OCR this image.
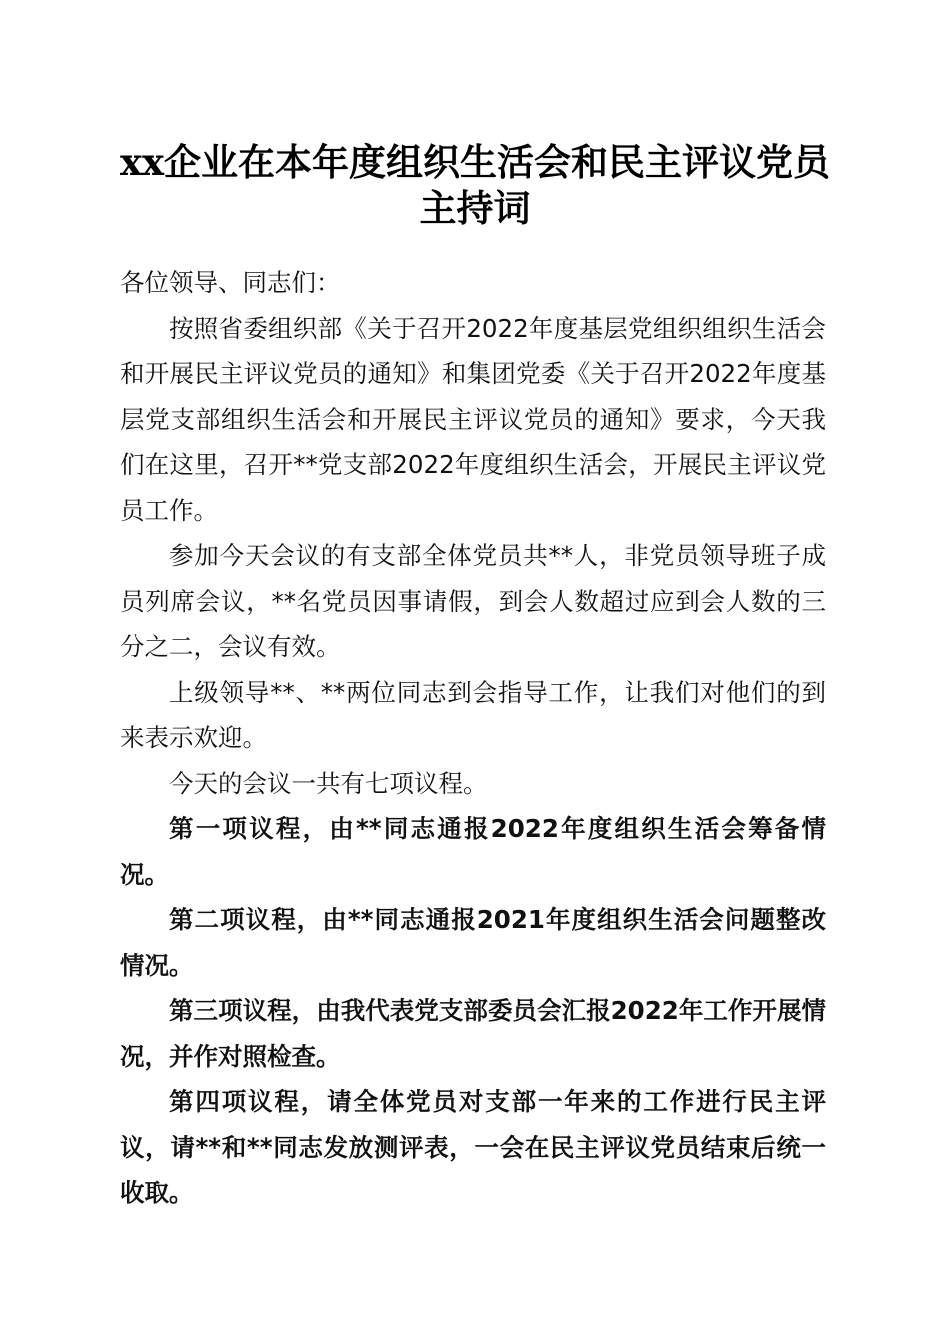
xx企业在本年度组织生活会和民主评议党员
主持词

各位领导、同志们：

按照省委组织部《关于召开2022年度基层党组织组织生活会和开展民主评议党员的通知》和集团党委《关于召开2022年度基层党支部组织生活会和开展民主评议党员的通知》要求，今天我们在这里，召开**党支部2022年度组织生活会，开展民主评议党员工作。

参加今天会议的有支部全体党员共**人，非党员领导班子成员列席会议，**名党员因事请假，到会人数超过应到会人数的三分之二，会议有效。

上级领导**、**两位同志到会指导工作，让我们对他们的到来表示欢迎。

今天的会议一共有七项议程。

第一项议程，由**同志通报2022年度组织生活会筹备情况。

第二项议程，由**同志通报2021年度组织生活会问题整改情况。

第三项议程，由我代表党支部委员会汇报2022年工作开展情况，并作对照检查。

第四项议程，请全体党员对支部一年来的工作进行民主评议，请**和**同志发放测评表，一会在民主评议党员结束后统一收取。
